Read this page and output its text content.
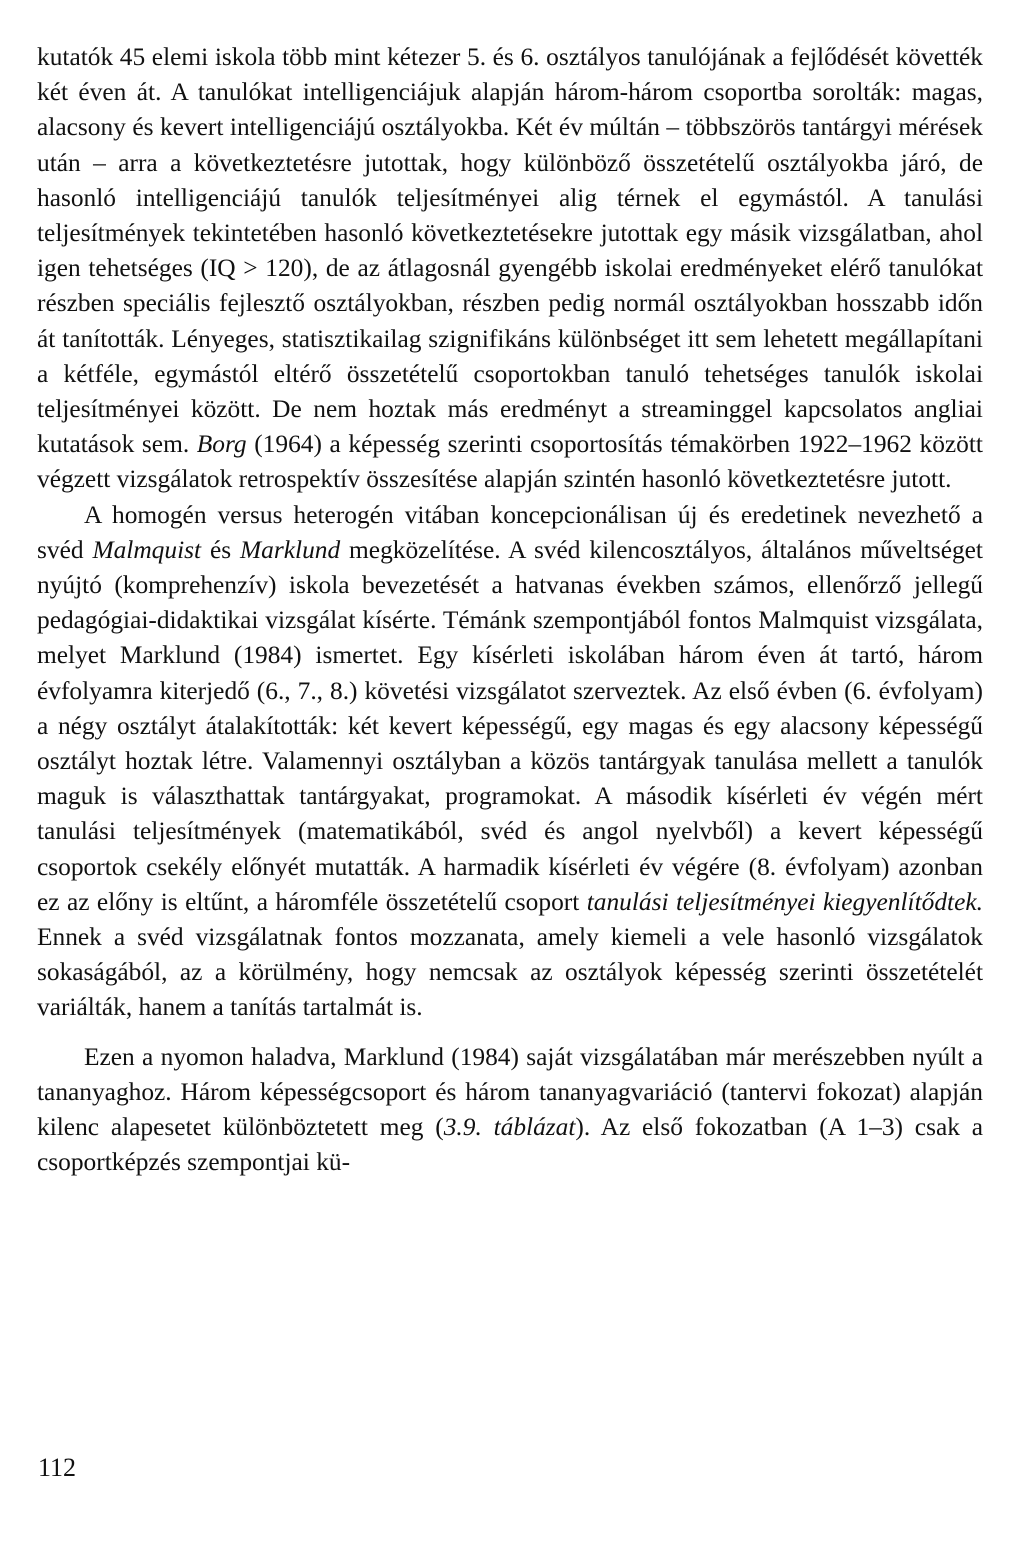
kutatók 45 elemi iskola több mint kétezer 5. és 6. osztályos tanulójának a fejlődését követték két éven át. A tanulókat intelligenciájuk alapján három-három csoportba sorolták: magas, alacsony és kevert intelligenciájú osztályokba. Két év múltán – többszörös tantárgyi mérések után – arra a következtetésre jutottak, hogy különböző összetételű osztályokba járó, de hasonló intelligenciájú tanulók teljesítményei alig térnek el egymástól. A tanulási teljesítmények tekintetében hasonló következtetésekre jutottak egy másik vizsgálatban, ahol igen tehetséges (IQ > 120), de az átlagosnál gyengébb iskolai eredményeket elérő tanulókat részben speciális fejlesztő osztályokban, részben pedig normál osztályokban hosszabb időn át tanították. Lényeges, statisztikailag szignifikáns különbséget itt sem lehetett megállapítani a kétféle, egymástól eltérő összetételű csoportokban tanuló tehetséges tanulók iskolai teljesítményei között. De nem hoztak más eredményt a streaminggel kapcsolatos angliai kutatások sem. Borg (1964) a képesség szerinti csoportosítás témakörben 1922–1962 között végzett vizsgálatok retrospektív összesítése alapján szintén hasonló következtetésre jutott.

A homogén versus heterogén vitában koncepcionálisan új és eredetinek nevezhető a svéd Malmquist és Marklund megközelítése. A svéd kilencosztályos, általános műveltséget nyújtó (komprehenzív) iskola bevezetését a hatvanas években számos, ellenőrző jellegű pedagógiai-didaktikai vizsgálat kísérte. Témánk szempontjából fontos Malmquist vizsgálata, melyet Marklund (1984) ismertet. Egy kísérleti iskolában három éven át tartó, három évfolyamra kiterjedő (6., 7., 8.) követési vizsgálatot szerveztek. Az első évben (6. évfolyam) a négy osztályt átalakították: két kevert képességű, egy magas és egy alacsony képességű osztályt hoztak létre. Valamennyi osztályban a közös tantárgyak tanulása mellett a tanulók maguk is választhattak tantárgyakat, programokat. A második kísérleti év végén mért tanulási teljesítmények (matematikából, svéd és angol nyelvből) a kevert képességű csoportok csekély előnyét mutatták. A harmadik kísérleti év végére (8. évfolyam) azonban ez az előny is eltűnt, a háromféle összetételű csoport tanulási teljesítményei kiegyenlítődtek. Ennek a svéd vizsgálatnak fontos mozzanata, amely kiemeli a vele hasonló vizsgálatok sokaságából, az a körülmény, hogy nemcsak az osztályok képesség szerinti összetételét variálták, hanem a tanítás tartalmát is.

Ezen a nyomon haladva, Marklund (1984) saját vizsgálatában már merészebben nyúlt a tananyaghoz. Három képességcsoport és három tananyagvariáció (tantervi fokozat) alapján kilenc alapesetet különböztetett meg (3.9. táblázat). Az első fokozatban (A 1–3) csak a csoportképzés szempontjai kü-

112
